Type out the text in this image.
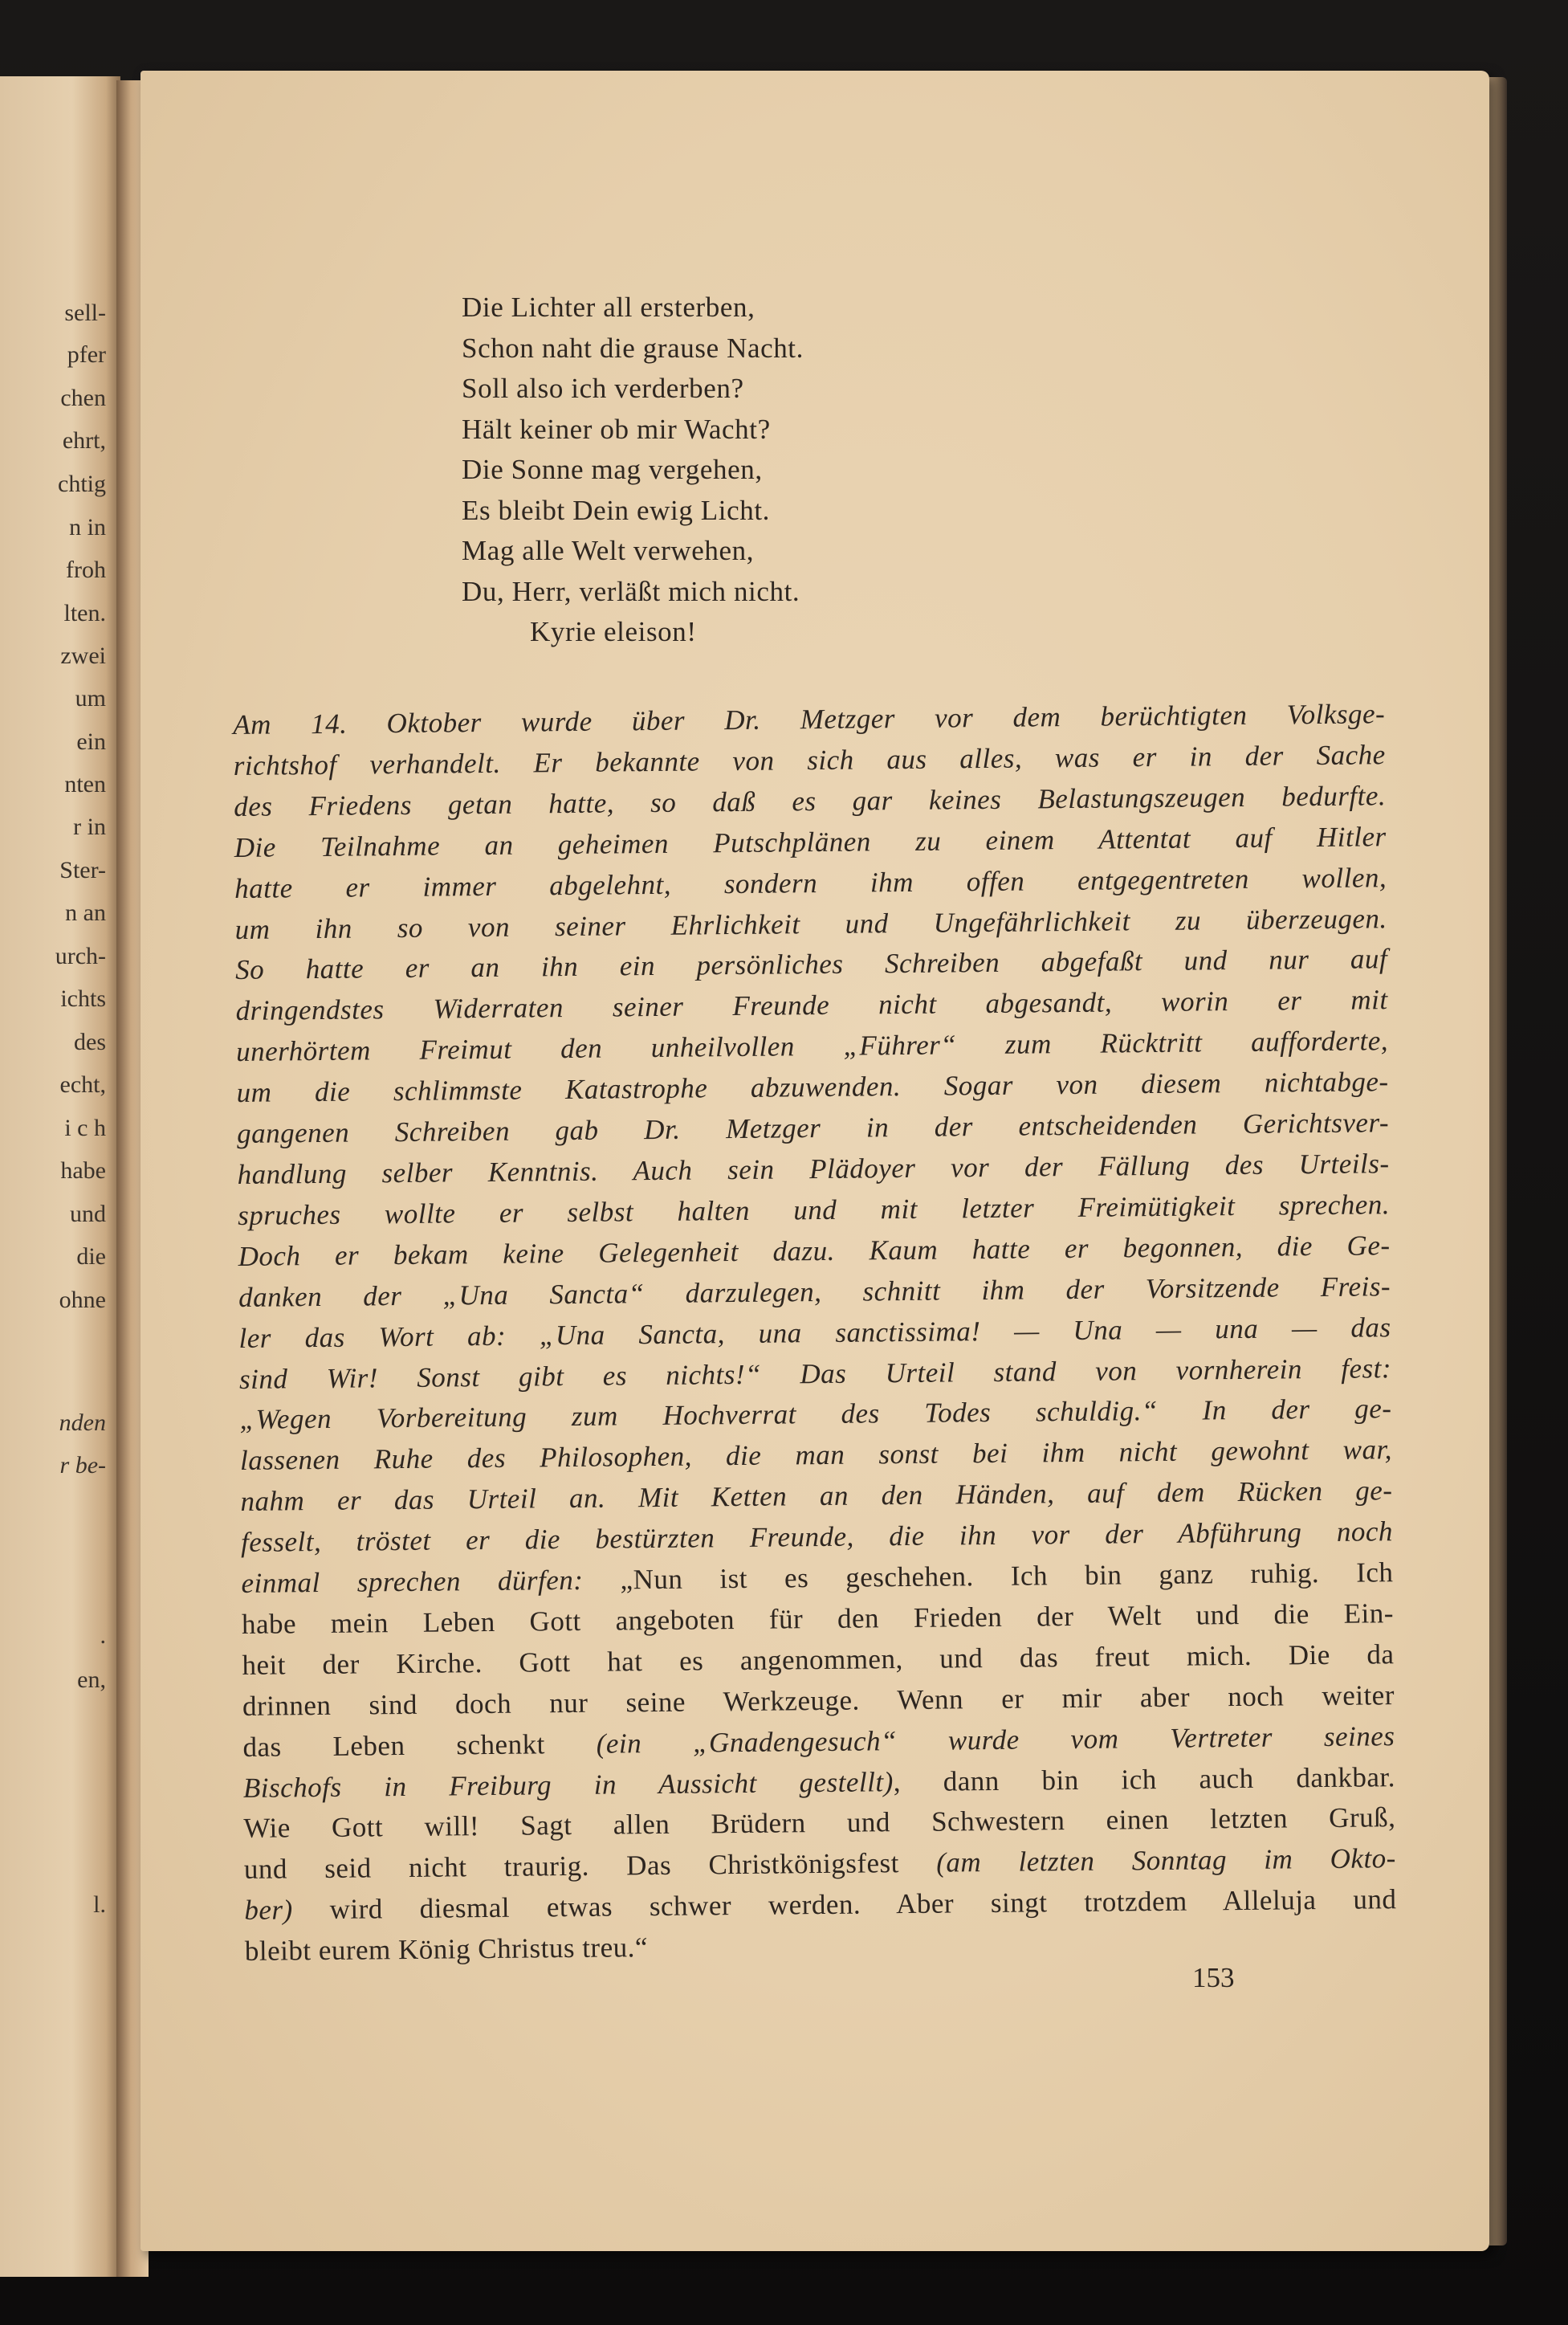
sell-
pfer
chen
ehrt,
chtig
n in
froh
lten.
zwei
um
ein
nten
r in
Ster-
n an
urch-
ichts
des
echt,
i c h
habe
und
die
ohne
nden
r be-
.
en,
l.
Die Lichter all ersterben,
Schon naht die grause Nacht.
Soll also ich verderben?
Hält keiner ob mir Wacht?
Die Sonne mag vergehen,
Es bleibt Dein ewig Licht.
Mag alle Welt verwehen,
Du, Herr, verläßt mich nicht.
Kyrie eleison!
Am 14. Oktober wurde über Dr. Metzger vor dem berüchtigten Volksge-
richtshof verhandelt. Er bekannte von sich aus alles, was er in der Sache
des Friedens getan hatte, so daß es gar keines Belastungszeugen bedurfte.
Die Teilnahme an geheimen Putschplänen zu einem Attentat auf Hitler
hatte er immer abgelehnt, sondern ihm offen entgegentreten wollen,
um ihn so von seiner Ehrlichkeit und Ungefährlichkeit zu überzeugen.
So hatte er an ihn ein persönliches Schreiben abgefaßt und nur auf
dringendstes Widerraten seiner Freunde nicht abgesandt, worin er mit
unerhörtem Freimut den unheilvollen „Führer“ zum Rücktritt aufforderte,
um die schlimmste Katastrophe abzuwenden. Sogar von diesem nichtabge-
gangenen Schreiben gab Dr. Metzger in der entscheidenden Gerichtsver-
handlung selber Kenntnis. Auch sein Plädoyer vor der Fällung des Urteils-
spruches wollte er selbst halten und mit letzter Freimütigkeit sprechen.
Doch er bekam keine Gelegenheit dazu. Kaum hatte er begonnen, die Ge-
danken der „Una Sancta“ darzulegen, schnitt ihm der Vorsitzende Freis-
ler das Wort ab: „Una Sancta, una sanctissima! — Una — una — das
sind Wir! Sonst gibt es nichts!“ Das Urteil stand von vornherein fest:
„Wegen Vorbereitung zum Hochverrat des Todes schuldig.“ In der ge-
lassenen Ruhe des Philosophen, die man sonst bei ihm nicht gewohnt war,
nahm er das Urteil an. Mit Ketten an den Händen, auf dem Rücken ge-
fesselt, tröstet er die bestürzten Freunde, die ihn vor der Abführung noch
einmal sprechen dürfen: „Nun ist es geschehen. Ich bin ganz ruhig. Ich
habe mein Leben Gott angeboten für den Frieden der Welt und die Ein-
heit der Kirche. Gott hat es angenommen, und das freut mich. Die da
drinnen sind doch nur seine Werkzeuge. Wenn er mir aber noch weiter
das Leben schenkt (ein „Gnadengesuch“ wurde vom Vertreter seines
Bischofs in Freiburg in Aussicht gestellt), dann bin ich auch dankbar.
Wie Gott will! Sagt allen Brüdern und Schwestern einen letzten Gruß,
und seid nicht traurig. Das Christkönigsfest (am letzten Sonntag im Okto-
ber) wird diesmal etwas schwer werden. Aber singt trotzdem Alleluja und
bleibt eurem König Christus treu.“
153
